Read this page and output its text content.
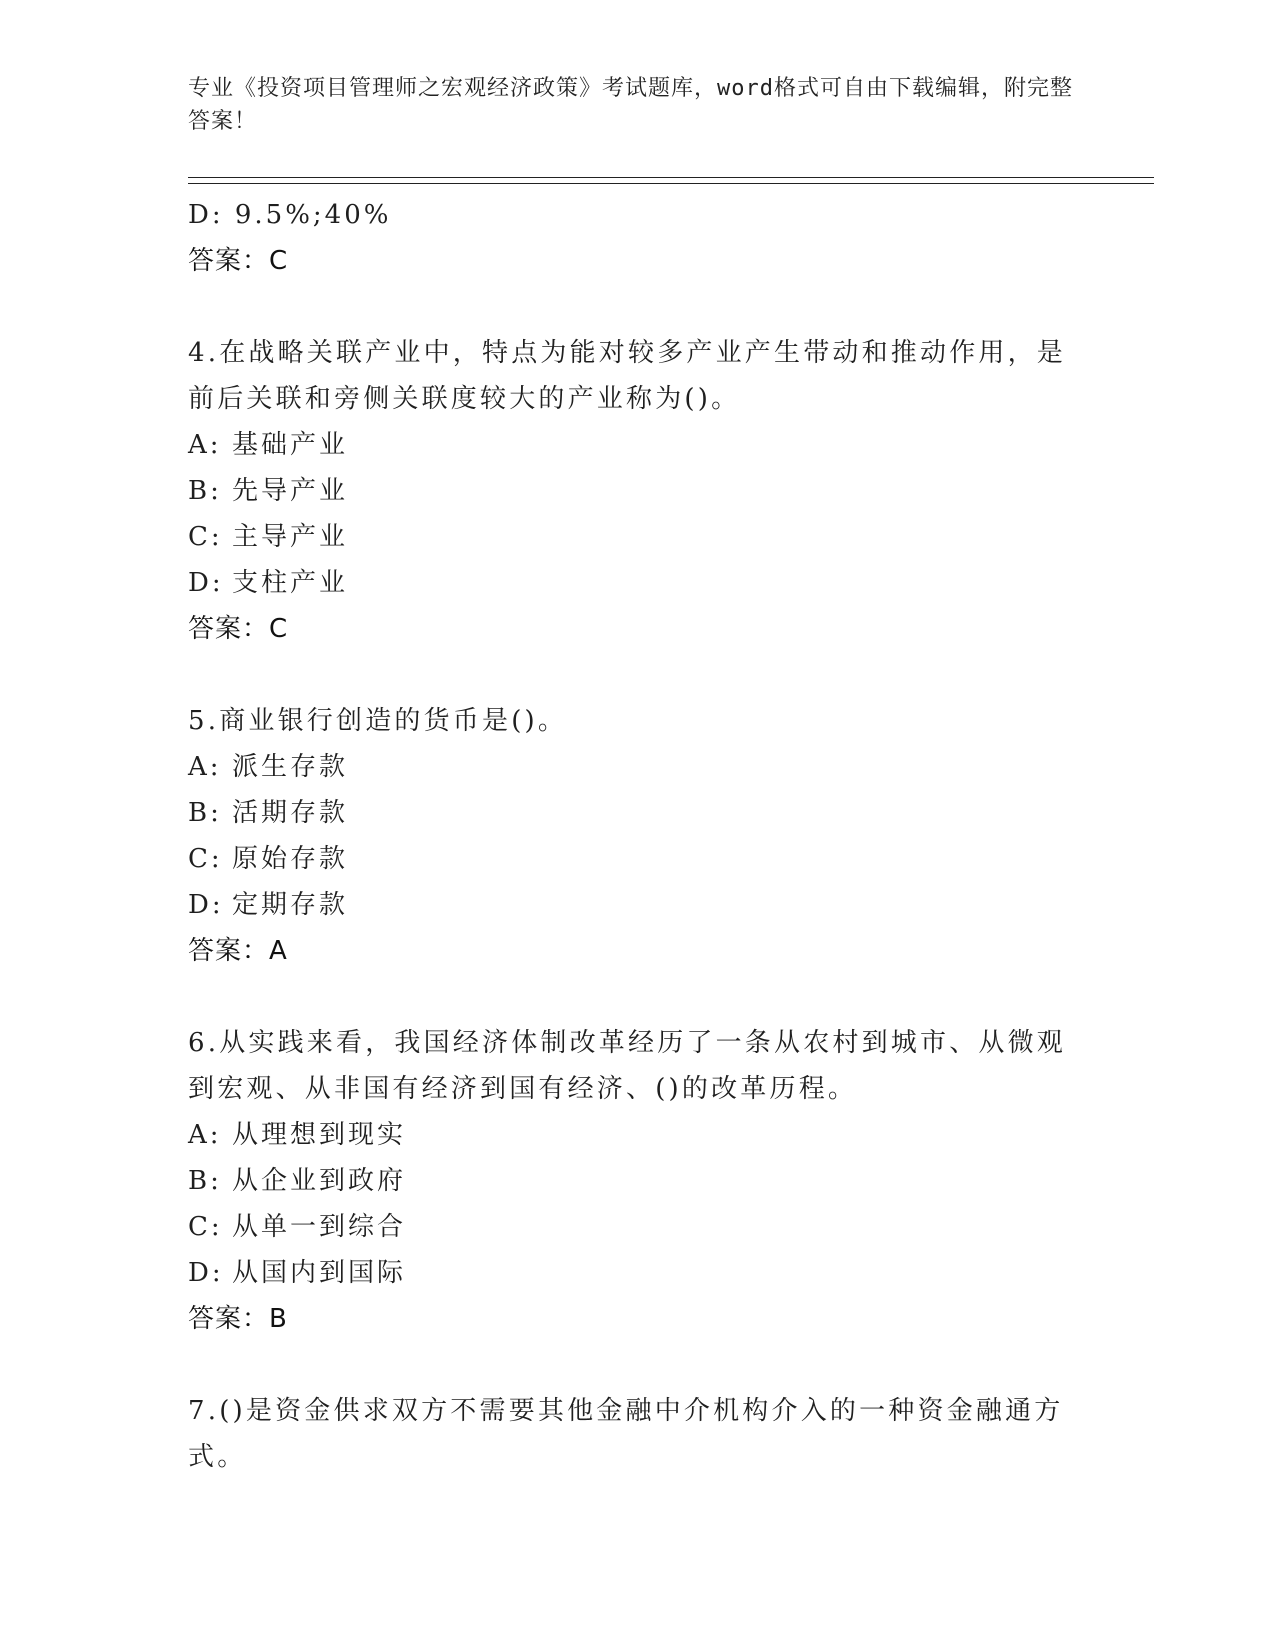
专业《投资项目管理师之宏观经济政策》考试题库，word格式可自由下载编辑，附完整答案！
D: 9.5%;40%
答案：C
4.在战略关联产业中，特点为能对较多产业产生带动和推动作用，是前后关联和旁侧关联度较大的产业称为()。
A: 基础产业
B: 先导产业
C: 主导产业
D: 支柱产业
答案：C
5.商业银行创造的货币是()。
A: 派生存款
B: 活期存款
C: 原始存款
D: 定期存款
答案：A
6.从实践来看，我国经济体制改革经历了一条从农村到城市、从微观到宏观、从非国有经济到国有经济、()的改革历程。
A: 从理想到现实
B: 从企业到政府
C: 从单一到综合
D: 从国内到国际
答案：B
7.()是资金供求双方不需要其他金融中介机构介入的一种资金融通方式。
